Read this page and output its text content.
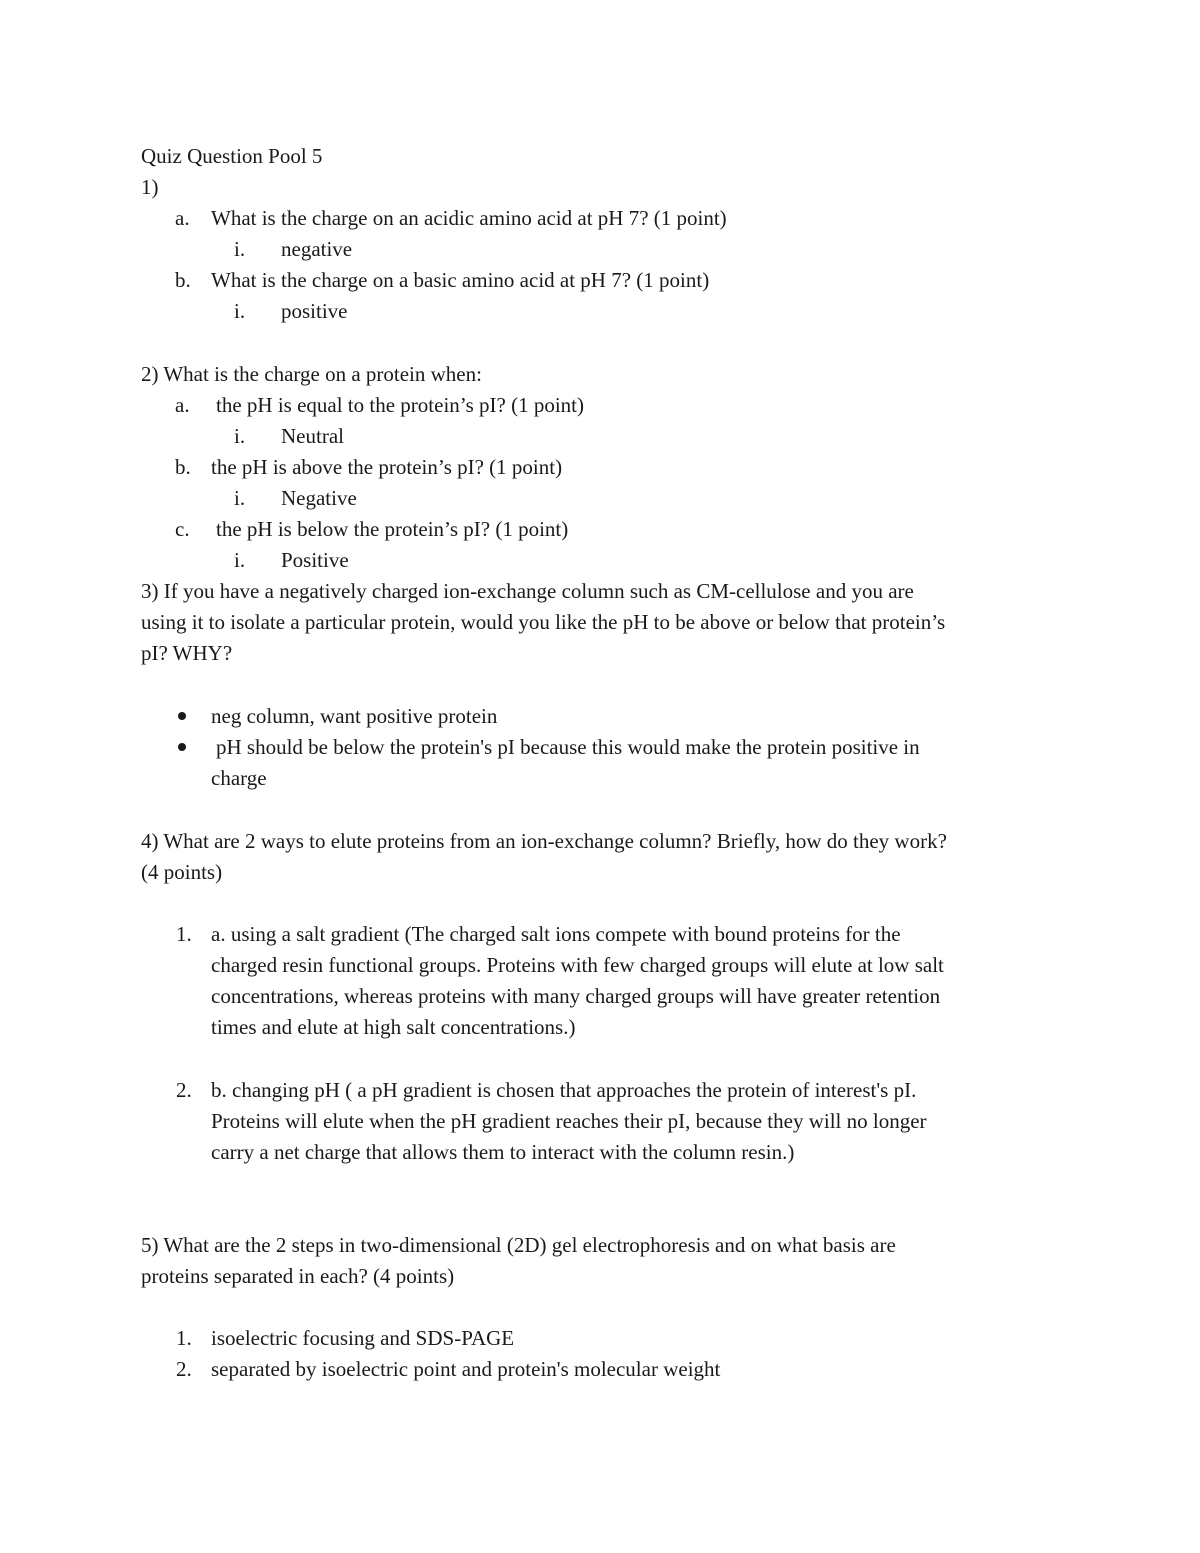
Quiz Question Pool 5
1)
a. What is the charge on an acidic amino acid at pH 7? (1 point)
i. negative
b. What is the charge on a basic amino acid at pH 7? (1 point)
i. positive
2) What is the charge on a protein when:
a. the pH is equal to the protein’s pI? (1 point)
i. Neutral
b. the pH is above the protein’s pI? (1 point)
i. Negative
c. the pH is below the protein’s pI? (1 point)
i. Positive
3) If you have a negatively charged ion-exchange column such as CM-cellulose and you are
using it to isolate a particular protein, would you like the pH to be above or below that protein’s
pI? WHY?
neg column, want positive protein
pH should be below the protein's pI because this would make the protein positive in
charge
4) What are 2 ways to elute proteins from an ion-exchange column? Briefly, how do they work?
(4 points)
1. a. using a salt gradient (The charged salt ions compete with bound proteins for the
charged resin functional groups. Proteins with few charged groups will elute at low salt
concentrations, whereas proteins with many charged groups will have greater retention
times and elute at high salt concentrations.)
2. b. changing pH ( a pH gradient is chosen that approaches the protein of interest's pI.
Proteins will elute when the pH gradient reaches their pI, because they will no longer
carry a net charge that allows them to interact with the column resin.)
5) What are the 2 steps in two-dimensional (2D) gel electrophoresis and on what basis are
proteins separated in each? (4 points)
1. isoelectric focusing and SDS-PAGE
2. separated by isoelectric point and protein's molecular weight
